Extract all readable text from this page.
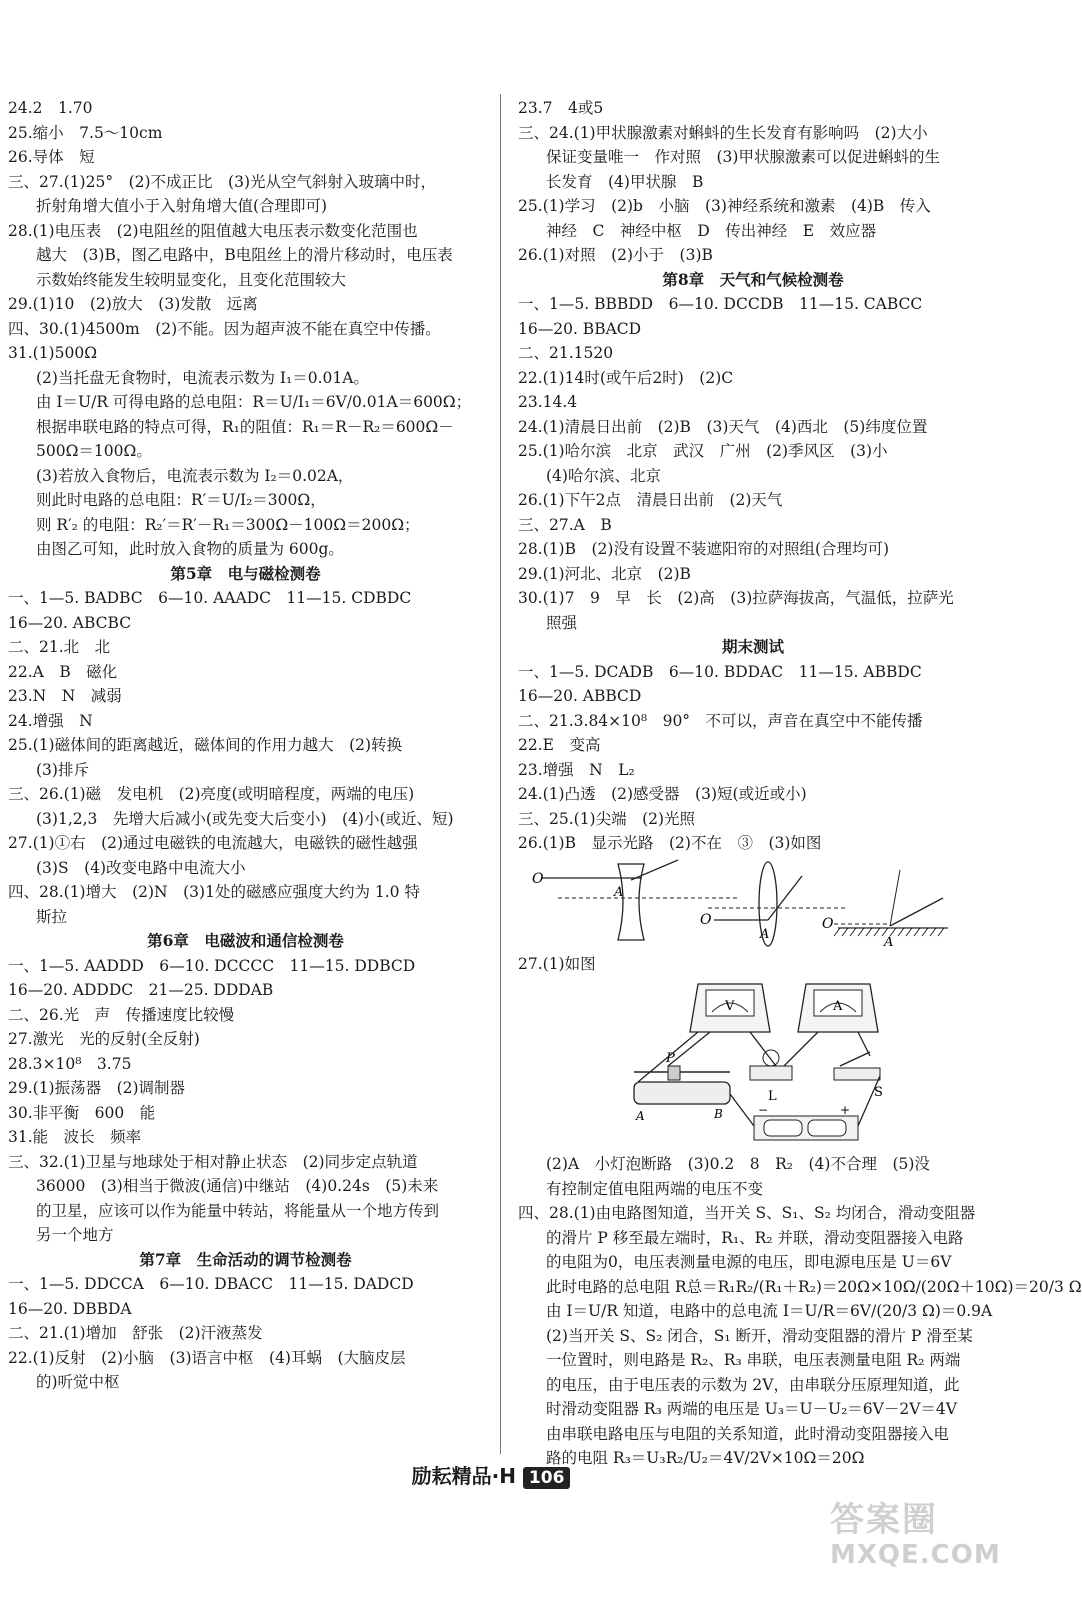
24.2　1.70
25.缩小　7.5～10cm
26.导体　短
三、27.(1)25°　(2)不成正比　(3)光从空气斜射入玻璃中时，
折射角增大值小于入射角增大值(合理即可)
28.(1)电压表　(2)电阻丝的阻值越大电压表示数变化范围也
越大　(3)B，图乙电路中，B电阻丝上的滑片移动时，电压表
示数始终能发生较明显变化，且变化范围较大
29.(1)10　(2)放大　(3)发散　远离
四、30.(1)4500m　(2)不能。因为超声波不能在真空中传播。
31.(1)500Ω
(2)当托盘无食物时，电流表示数为 I₁＝0.01A。
由 I＝U/R 可得电路的总电阻：R＝U/I₁＝6V/0.01A＝600Ω；
根据串联电路的特点可得，R₁的阻值：R₁＝R－R₂＝600Ω－
500Ω＝100Ω。
(3)若放入食物后，电流表示数为 I₂＝0.02A，
则此时电路的总电阻：R′＝U/I₂＝300Ω，
则 R′₂ 的电阻：R₂′＝R′－R₁＝300Ω－100Ω＝200Ω；
由图乙可知，此时放入食物的质量为 600g。
第5章　电与磁检测卷
一、1—5. BADBC　6—10. AAADC　11—15. CDBDC
16—20. ABCBC
二、21.北　北
22.A　B　磁化
23.N　N　减弱
24.增强　N
25.(1)磁体间的距离越近，磁体间的作用力越大　(2)转换
(3)排斥
三、26.(1)磁　发电机　(2)亮度(或明暗程度，两端的电压)
(3)1,2,3　先增大后减小(或先变大后变小)　(4)小(或近、短)
27.(1)①右　(2)通过电磁铁的电流越大，电磁铁的磁性越强
(3)S　(4)改变电路中电流大小
四、28.(1)增大　(2)N　(3)1处的磁感应强度大约为 1.0 特
斯拉
第6章　电磁波和通信检测卷
一、1—5. AADDD　6—10. DCCCC　11—15. DDBCD
16—20. ADDDC　21—25. DDDAB
二、26.光　声　传播速度比较慢
27.激光　光的反射(全反射)
28.3×10⁸　3.75
29.(1)振荡器　(2)调制器
30.非平衡　600　能
31.能　波长　频率
三、32.(1)卫星与地球处于相对静止状态　(2)同步定点轨道
36000　(3)相当于微波(通信)中继站　(4)0.24s　(5)未来
的卫星，应该可以作为能量中转站，将能量从一个地方传到
另一个地方
第7章　生命活动的调节检测卷
一、1—5. DDCCA　6—10. DBACC　11—15. DADCD
16—20. DBBDA
二、21.(1)增加　舒张　(2)汗液蒸发
22.(1)反射　(2)小脑　(3)语言中枢　(4)耳蜗　(大脑皮层
的)听觉中枢
23.7　4或5
三、24.(1)甲状腺激素对蝌蚪的生长发育有影响吗　(2)大小
保证变量唯一　作对照　(3)甲状腺激素可以促进蝌蚪的生
长发育　(4)甲状腺　B
25.(1)学习　(2)b　小脑　(3)神经系统和激素　(4)B　传入
神经　C　神经中枢　D　传出神经　E　效应器
26.(1)对照　(2)小于　(3)B
第8章　天气和气候检测卷
一、1—5. BBBDD　6—10. DCCDB　11—15. CABCC
16—20. BBACD
二、21.1520
22.(1)14时(或午后2时)　(2)C
23.14.4
24.(1)清晨日出前　(2)B　(3)天气　(4)西北　(5)纬度位置
25.(1)哈尔滨　北京　武汉　广州　(2)季风区　(3)小
(4)哈尔滨、北京
26.(1)下午2点　清晨日出前　(2)天气
三、27.A　B
28.(1)B　(2)没有设置不装遮阳帘的对照组(合理均可)
29.(1)河北、北京　(2)B
30.(1)7　9　早　长　(2)高　(3)拉萨海拔高，气温低，拉萨光
照强
期末测试
一、1—5. DCADB　6—10. BDDAC　11—15. ABBDC
16—20. ABBCD
二、21.3.84×10⁸　90°　不可以，声音在真空中不能传播
22.E　变高
23.增强　N　L₂
24.(1)凸透　(2)感受器　(3)短(或近或小)
三、25.(1)尖端　(2)光照
26.(1)B　显示光路　(2)不在　③　(3)如图
O
A
O
A
O
A
27.(1)如图
V	A
P
A	B
L	S
+
−
(2)A　小灯泡断路　(3)0.2　8　R₂　(4)不合理　(5)没
有控制定值电阻两端的电压不变
四、28.(1)由电路图知道，当开关 S、S₁、S₂ 均闭合，滑动变阻器
的滑片 P 移至最左端时，R₁、R₂ 并联，滑动变阻器接入电路
的电阻为0，电压表测量电源的电压，即电源电压是 U＝6V
此时电路的总电阻 R总＝R₁R₂/(R₁＋R₂)＝20Ω×10Ω/(20Ω＋10Ω)＝20/3 Ω
由 I＝U/R 知道，电路中的总电流 I＝U/R＝6V/(20/3 Ω)＝0.9A
(2)当开关 S、S₂ 闭合，S₁ 断开，滑动变阻器的滑片 P 滑至某
一位置时，则电路是 R₂、R₃ 串联，电压表测量电阻 R₂ 两端
的电压，由于电压表的示数为 2V，由串联分压原理知道，此
时滑动变阻器 R₃ 两端的电压是 U₃＝U－U₂＝6V－2V＝4V
由串联电路电压与电阻的关系知道，此时滑动变阻器接入电
路的电阻 R₃＝U₃R₂/U₂＝4V/2V×10Ω＝20Ω
励耘精品·H 106
答案圈
MXQE.COM
